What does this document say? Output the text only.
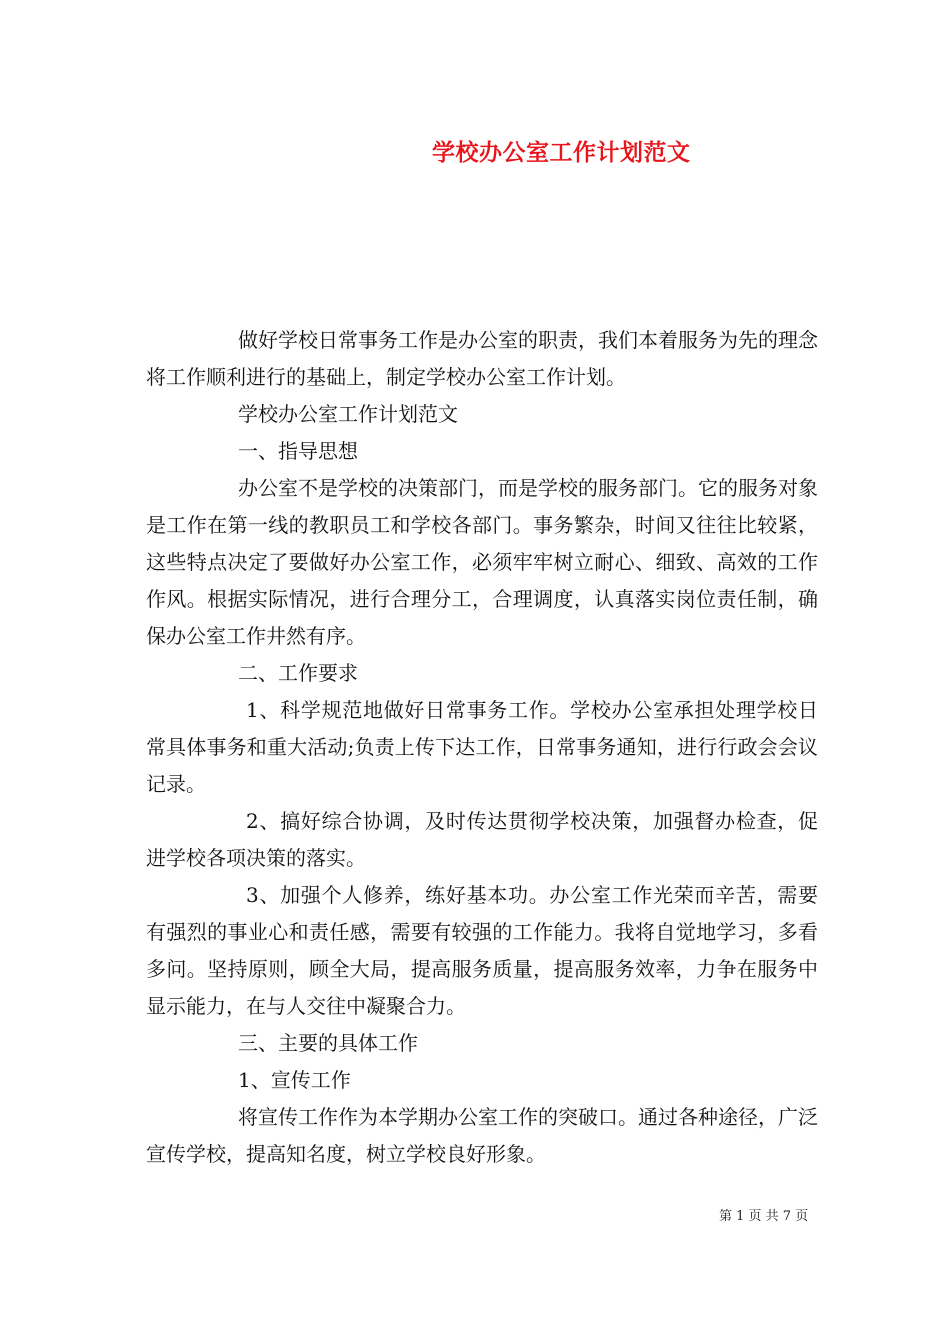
学校办公室工作计划范文

做好学校日常事务工作是办公室的职责，我们本着服务为先的理念将工作顺利进行的基础上，制定学校办公室工作计划。

学校办公室工作计划范文

一、指导思想

办公室不是学校的决策部门，而是学校的服务部门。它的服务对象是工作在第一线的教职员工和学校各部门。事务繁杂，时间又往往比较紧，这些特点决定了要做好办公室工作，必须牢牢树立耐心、细致、高效的工作作风。根据实际情况，进行合理分工，合理调度，认真落实岗位责任制，确保办公室工作井然有序。

二、工作要求

1、科学规范地做好日常事务工作。学校办公室承担处理学校日常具体事务和重大活动;负责上传下达工作，日常事务通知，进行行政会会议记录。

2、搞好综合协调，及时传达贯彻学校决策，加强督办检查，促进学校各项决策的落实。

3、加强个人修养，练好基本功。办公室工作光荣而辛苦，需要有强烈的事业心和责任感，需要有较强的工作能力。我将自觉地学习，多看多问。坚持原则，顾全大局，提高服务质量，提高服务效率，力争在服务中显示能力，在与人交往中凝聚合力。

三、主要的具体工作

1、宣传工作

将宣传工作作为本学期办公室工作的突破口。通过各种途径，广泛宣传学校，提高知名度，树立学校良好形象。

第 1 页 共 7 页
